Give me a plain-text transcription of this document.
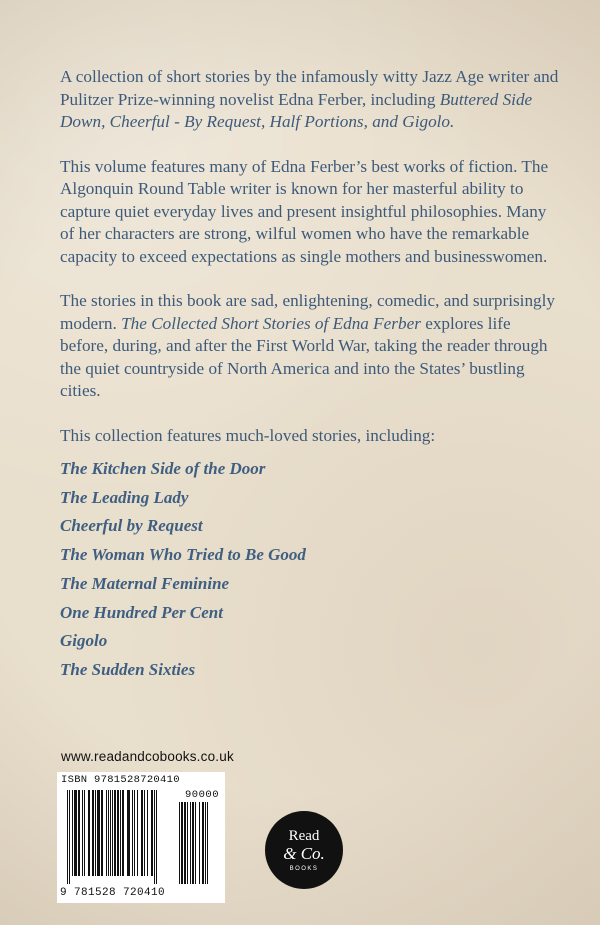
A collection of short stories by the infamously witty Jazz Age writer and Pulitzer Prize-winning novelist Edna Ferber, including Buttered Side Down, Cheerful - By Request, Half Portions, and Gigolo.

This volume features many of Edna Ferber’s best works of fiction. The Algonquin Round Table writer is known for her masterful ability to capture quiet everyday lives and present insightful philosophies. Many of her characters are strong, wilful women who have the remarkable capacity to exceed expectations as single mothers and businesswomen.

The stories in this book are sad, enlightening, comedic, and surprisingly modern. The Collected Short Stories of Edna Ferber explores life before, during, and after the First World War, taking the reader through the quiet countryside of North America and into the States’ bustling cities.

This collection features much-loved stories, including:

The Kitchen Side of the Door
The Leading Lady
Cheerful by Request
The Woman Who Tried to Be Good
The Maternal Feminine
One Hundred Per Cent
Gigolo
The Sudden Sixties
www.readandcobooks.co.uk
ISBN 9781528720410
90000
9 781528 720410
Read
& Co.
BOOKS
